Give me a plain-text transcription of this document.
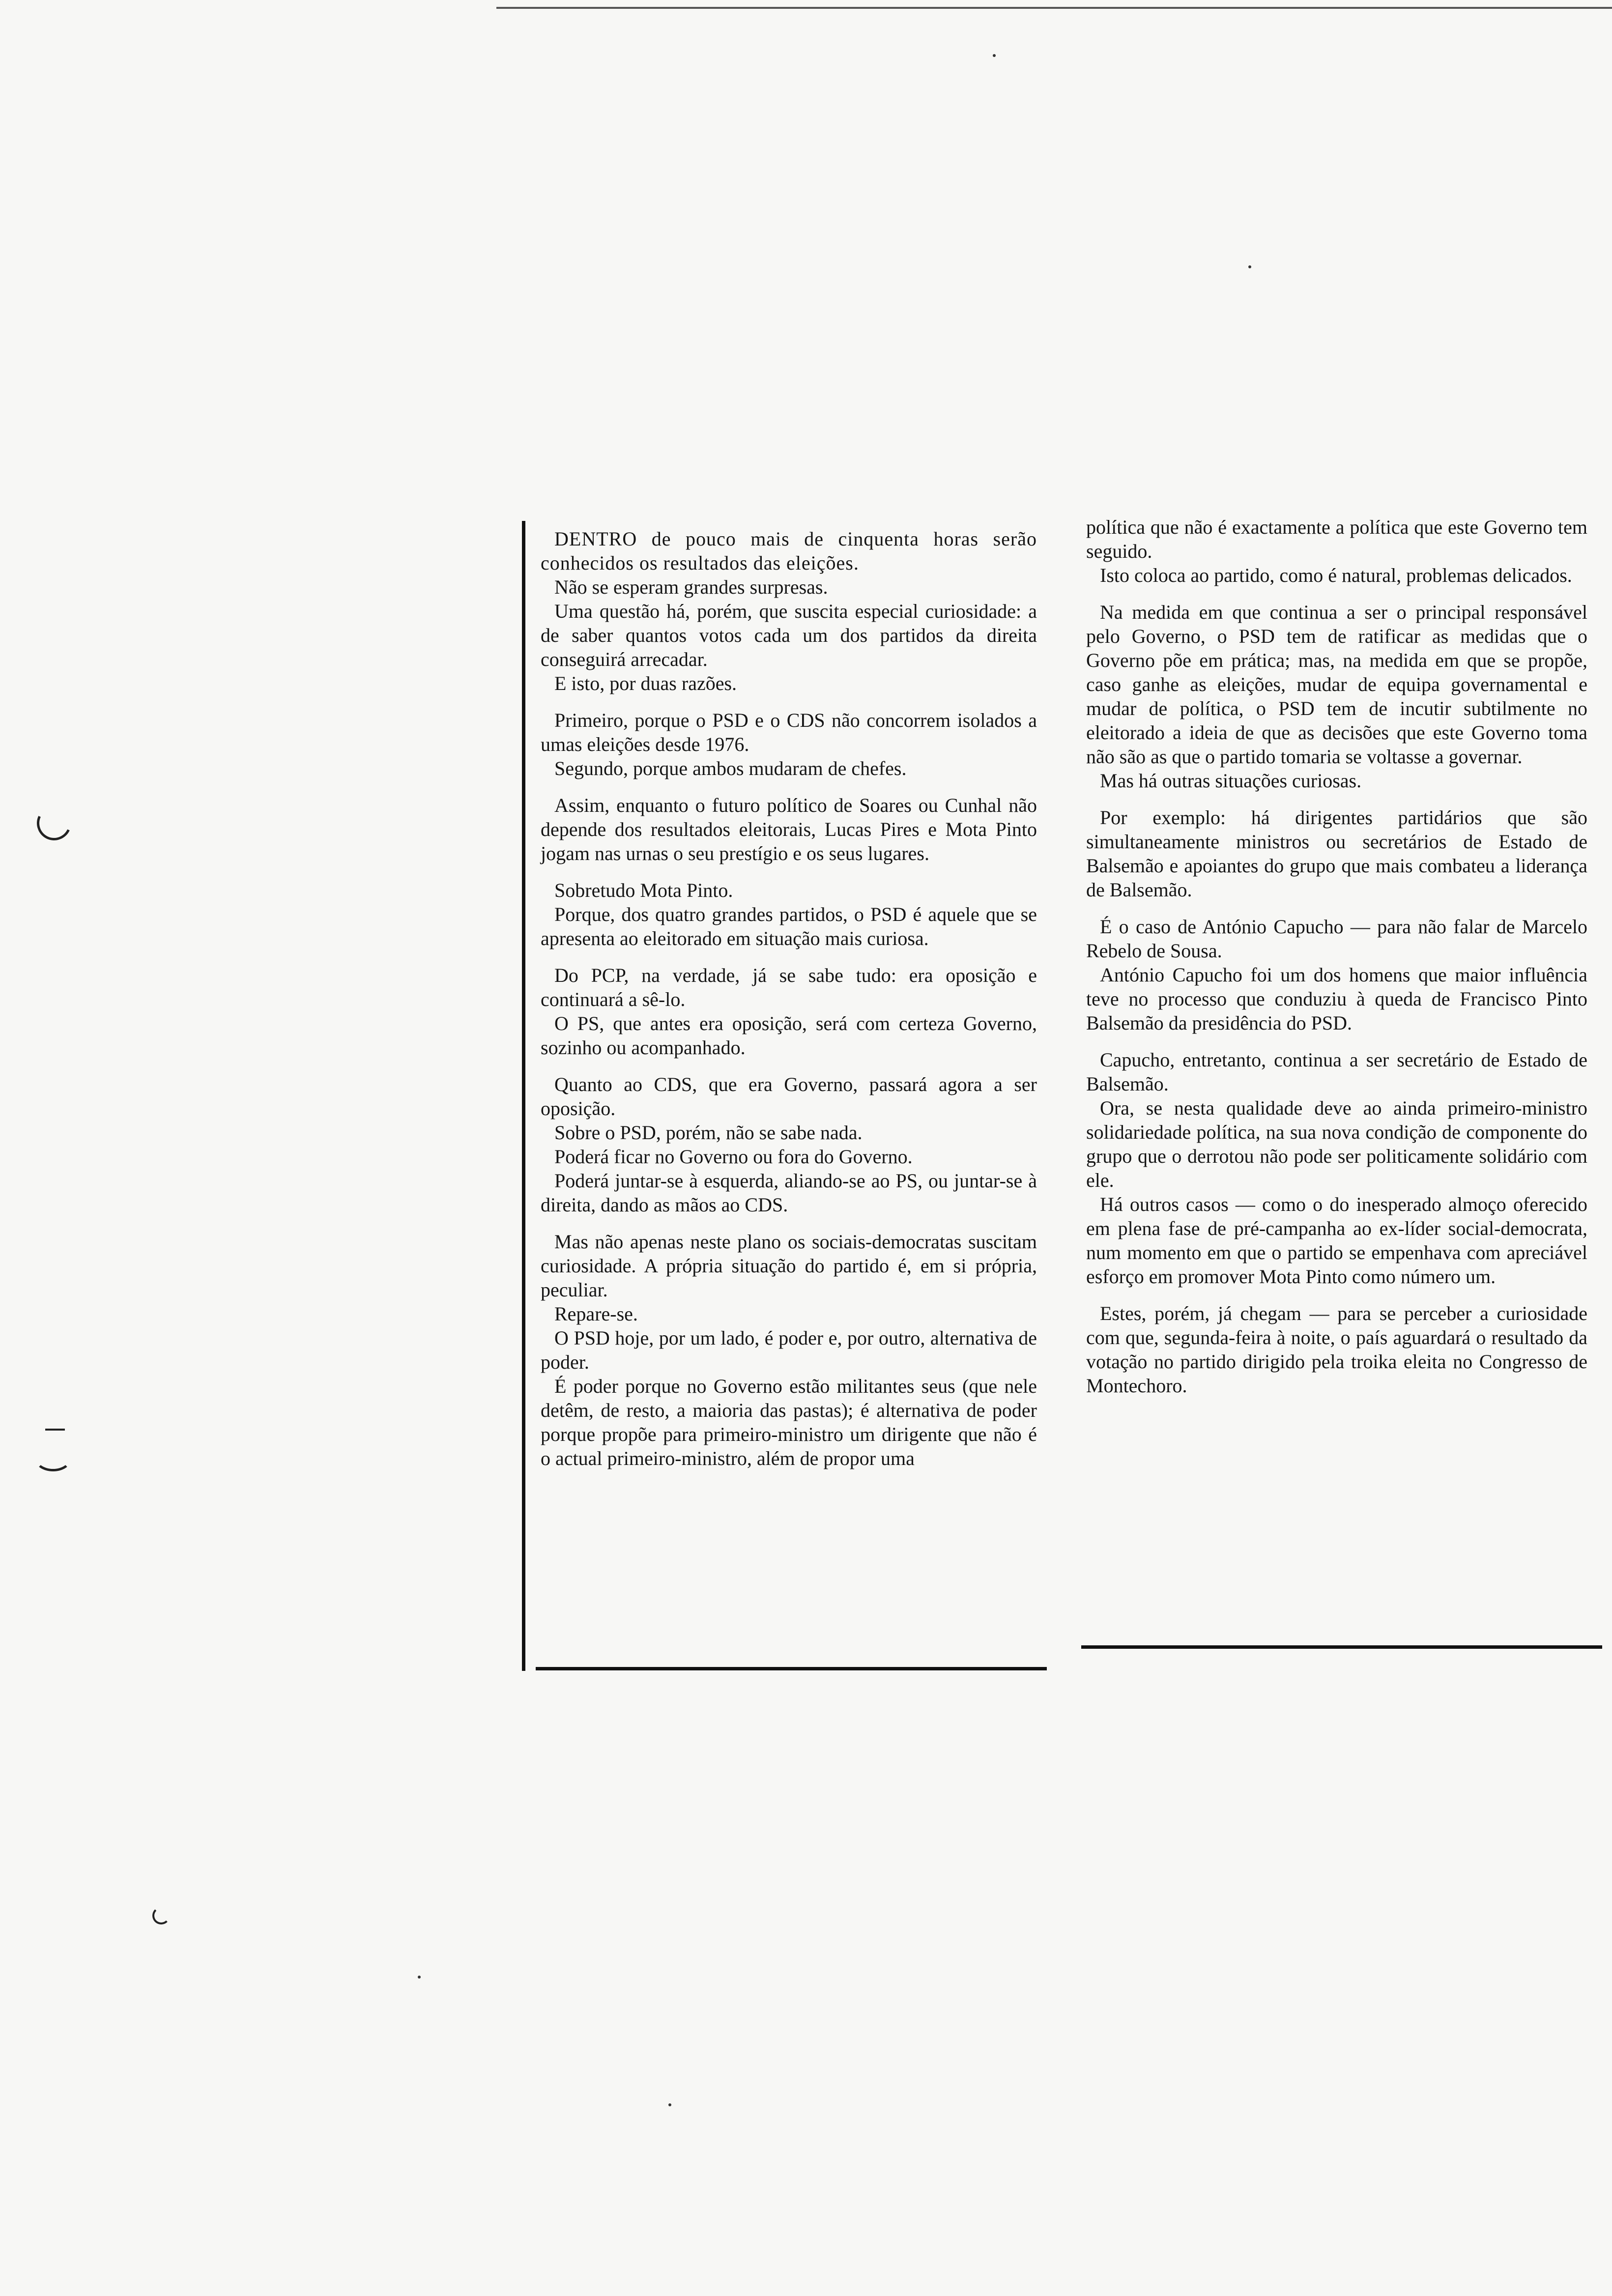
DENTRO de pouco mais de cinquenta horas serão conhecidos os resultados das eleições.

Não se esperam grandes surpresas.

Uma questão há, porém, que suscita especial curiosidade: a de saber quantos votos cada um dos partidos da direita conseguirá arrecadar.

E isto, por duas razões.

Primeiro, porque o PSD e o CDS não concorrem isolados a umas eleições desde 1976.

Segundo, porque ambos mudaram de chefes.

Assim, enquanto o futuro político de Soares ou Cunhal não depende dos resultados eleitorais, Lucas Pires e Mota Pinto jogam nas urnas o seu prestígio e os seus lugares.

Sobretudo Mota Pinto.

Porque, dos quatro grandes partidos, o PSD é aquele que se apresenta ao eleitorado em situação mais curiosa.

Do PCP, na verdade, já se sabe tudo: era oposição e continuará a sê-lo.

O PS, que antes era oposição, será com certeza Governo, sozinho ou acompanhado.

Quanto ao CDS, que era Governo, passará agora a ser oposição.

Sobre o PSD, porém, não se sabe nada.

Poderá ficar no Governo ou fora do Governo.

Poderá juntar-se à esquerda, aliando-se ao PS, ou juntar-se à direita, dando as mãos ao CDS.

Mas não apenas neste plano os sociais-democratas suscitam curiosidade. A própria situação do partido é, em si própria, peculiar.

Repare-se.

O PSD hoje, por um lado, é poder e, por outro, alternativa de poder.

É poder porque no Governo estão militantes seus (que nele detêm, de resto, a maioria das pastas); é alternativa de poder porque propõe para primeiro-ministro um dirigente que não é o actual primeiro-ministro, além de propor uma

política que não é exactamente a política que este Governo tem seguido.

Isto coloca ao partido, como é natural, problemas delicados.

Na medida em que continua a ser o principal responsável pelo Governo, o PSD tem de ratificar as medidas que o Governo põe em prática; mas, na medida em que se propõe, caso ganhe as eleições, mudar de equipa governamental e mudar de política, o PSD tem de incutir subtilmente no eleitorado a ideia de que as decisões que este Governo toma não são as que o partido tomaria se voltasse a governar.

Mas há outras situações curiosas.

Por exemplo: há dirigentes partidários que são simultaneamente ministros ou secretários de Estado de Balsemão e apoiantes do grupo que mais combateu a liderança de Balsemão.

É o caso de António Capucho — para não falar de Marcelo Rebelo de Sousa.

António Capucho foi um dos homens que maior influência teve no processo que conduziu à queda de Francisco Pinto Balsemão da presidência do PSD.

Capucho, entretanto, continua a ser secretário de Estado de Balsemão.

Ora, se nesta qualidade deve ao ainda primeiro-ministro solidariedade política, na sua nova condição de componente do grupo que o derrotou não pode ser politicamente solidário com ele.

Há outros casos — como o do inesperado almoço oferecido em plena fase de pré-campanha ao ex-líder social-democrata, num momento em que o partido se empenhava com apreciável esforço em promover Mota Pinto como número um.

Estes, porém, já chegam — para se perceber a curiosidade com que, segunda-feira à noite, o país aguardará o resultado da votação no partido dirigido pela troika eleita no Congresso de Montechoro.
